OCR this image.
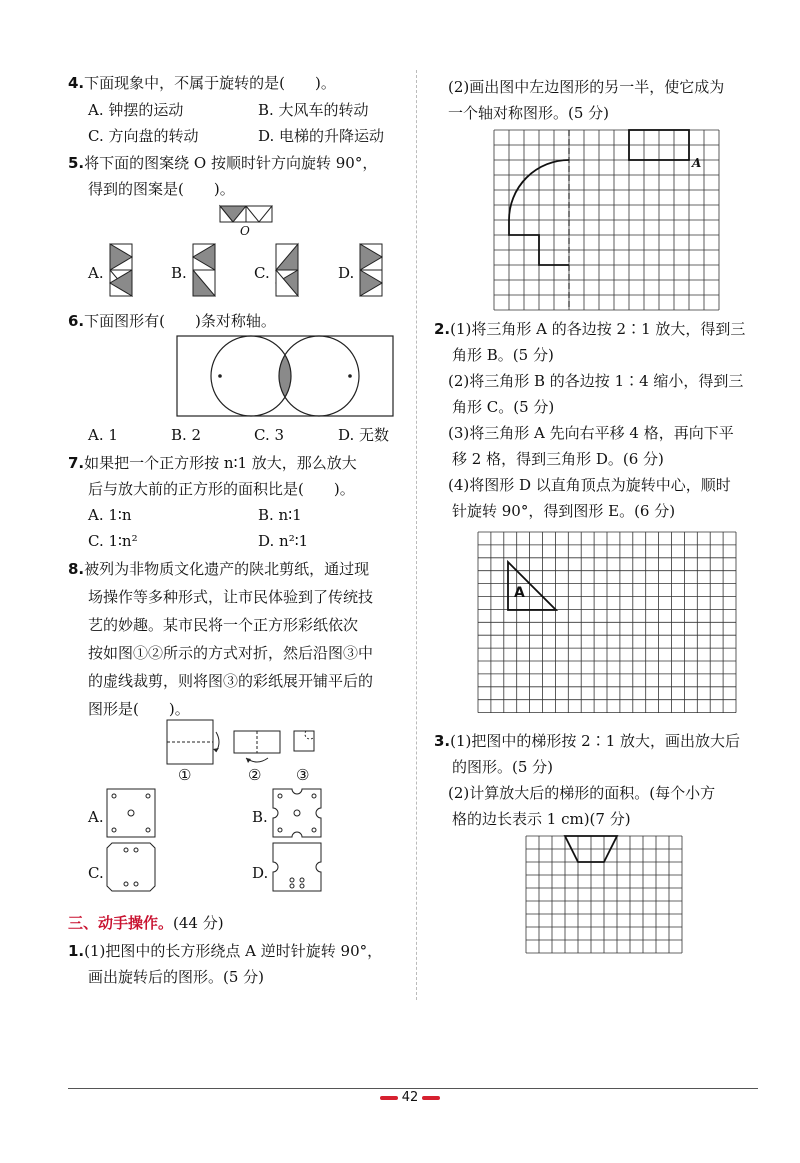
4.下面现象中，不属于旋转的是(　　)。
A. 钟摆的运动	B. 大风车的转动
C. 方向盘的转动	D. 电梯的升降运动
5.将下面的图案绕 O 按顺时针方向旋转 90°，
得到的图案是(　　)。
O
A.	B.	C.	D.
6.下面图形有(　　)条对称轴。
A. 1	B. 2	C. 3	D. 无数
7.如果把一个正方形按 n∶1 放大，那么放大
后与放大前的正方形的面积比是(　　)。
A. 1∶n	B. n∶1
C. 1∶n²	D. n²∶1
8.被列为非物质文化遗产的陕北剪纸，通过现
场操作等多种形式，让市民体验到了传统技
艺的妙趣。某市民将一个正方形彩纸依次
按如图①②所示的方式对折，然后沿图③中
的虚线裁剪，则将图③的彩纸展开铺平后的
图形是(　　)。
①	② ③
A.	B.
C.	D.
三、动手操作。(44 分)
1.(1)把图中的长方形绕点 A 逆时针旋转 90°，
画出旋转后的图形。(5 分)
(2)画出图中左边图形的另一半，使它成为
一个轴对称图形。(5 分)
A
2.(1)将三角形 A 的各边按 2∶1 放大，得到三
角形 B。(5 分)
(2)将三角形 B 的各边按 1∶4 缩小，得到三
角形 C。(5 分)
(3)将三角形 A 先向右平移 4 格，再向下平
移 2 格，得到三角形 D。(6 分)
(4)将图形 D 以直角顶点为旋转中心，顺时
针旋转 90°，得到图形 E。(6 分)
A
3.(1)把图中的梯形按 2∶1 放大，画出放大后
的图形。(5 分)
(2)计算放大后的梯形的面积。(每个小方
格的边长表示 1 cm)(7 分)
42
